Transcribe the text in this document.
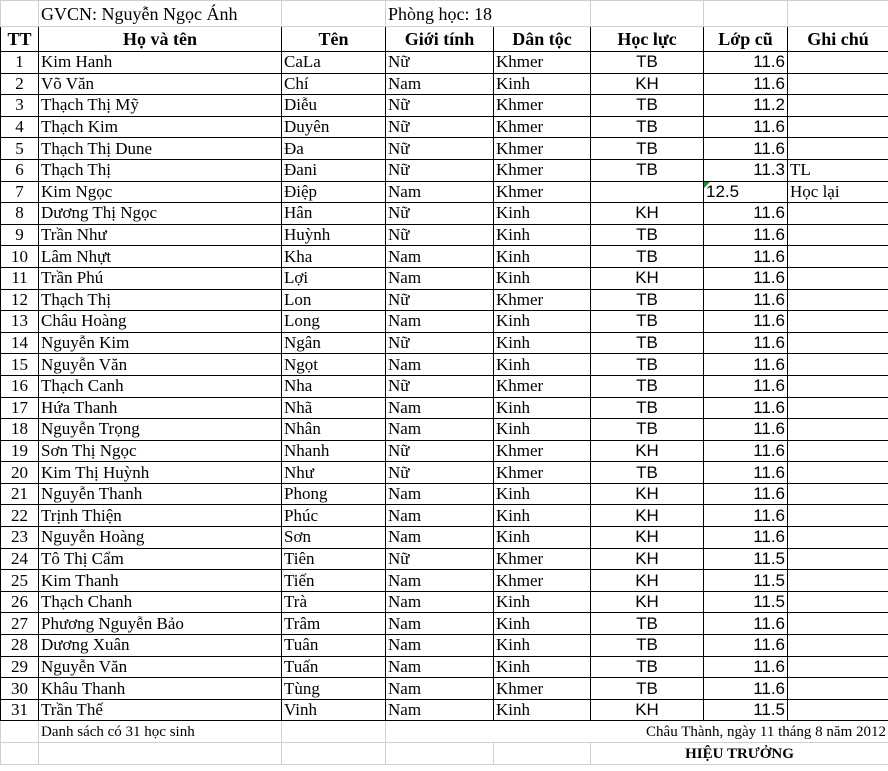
	GVCN: Nguyễn Ngọc Ánh		Phòng học: 18				
TT	Họ và tên	Tên	Giới tính	Dân tộc	Học lực	Lớp cũ	Ghi chú
1	Kim Hanh	CaLa	Nữ	Khmer	TB	11.6	
2	Võ Văn	Chí	Nam	Kinh	KH	11.6	
3	Thạch Thị Mỹ	Diễu	Nữ	Khmer	TB	11.2	
4	Thạch Kim	Duyên	Nữ	Khmer	TB	11.6	
5	Thạch Thị Dune	Đa	Nữ	Khmer	TB	11.6	
6	Thạch Thị	Đani	Nữ	Khmer	TB	11.3	TL
7	Kim Ngọc	Điệp	Nam	Khmer		12.5	Học lại
8	Dương Thị Ngọc	Hân	Nữ	Kinh	KH	11.6	
9	Trần Như	Huỳnh	Nữ	Kinh	TB	11.6	
10	Lâm Nhựt	Kha	Nam	Kinh	TB	11.6	
11	Trần Phú	Lợi	Nam	Kinh	KH	11.6	
12	Thạch Thị	Lon	Nữ	Khmer	TB	11.6	
13	Châu Hoàng	Long	Nam	Kinh	TB	11.6	
14	Nguyễn Kim	Ngân	Nữ	Kinh	TB	11.6	
15	Nguyễn Văn	Ngọt	Nam	Kinh	TB	11.6	
16	Thạch Canh	Nha	Nữ	Khmer	TB	11.6	
17	Hứa Thanh	Nhã	Nam	Kinh	TB	11.6	
18	Nguyễn Trọng	Nhân	Nam	Kinh	TB	11.6	
19	Sơn Thị Ngọc	Nhanh	Nữ	Khmer	KH	11.6	
20	Kim Thị Huỳnh	Như	Nữ	Khmer	TB	11.6	
21	Nguyễn Thanh	Phong	Nam	Kinh	KH	11.6	
22	Trịnh Thiện	Phúc	Nam	Kinh	KH	11.6	
23	Nguyễn Hoàng	Sơn	Nam	Kinh	KH	11.6	
24	Tô Thị Cẩm	Tiên	Nữ	Khmer	KH	11.5	
25	Kim Thanh	Tiến	Nam	Khmer	KH	11.5	
26	Thạch Chanh	Trà	Nam	Kinh	KH	11.5	
27	Phương Nguyễn Bảo	Trâm	Nam	Kinh	TB	11.6	
28	Dương Xuân	Tuân	Nam	Kinh	TB	11.6	
29	Nguyễn Văn	Tuấn	Nam	Kinh	TB	11.6	
30	Khâu Thanh	Tùng	Nam	Khmer	TB	11.6	
31	Trần Thế	Vinh	Nam	Kinh	KH	11.5	
	Danh sách có 31 học sinh		Châu Thành, ngày 11 tháng 8 năm 2012				
					HIỆU TRƯỞNG		
